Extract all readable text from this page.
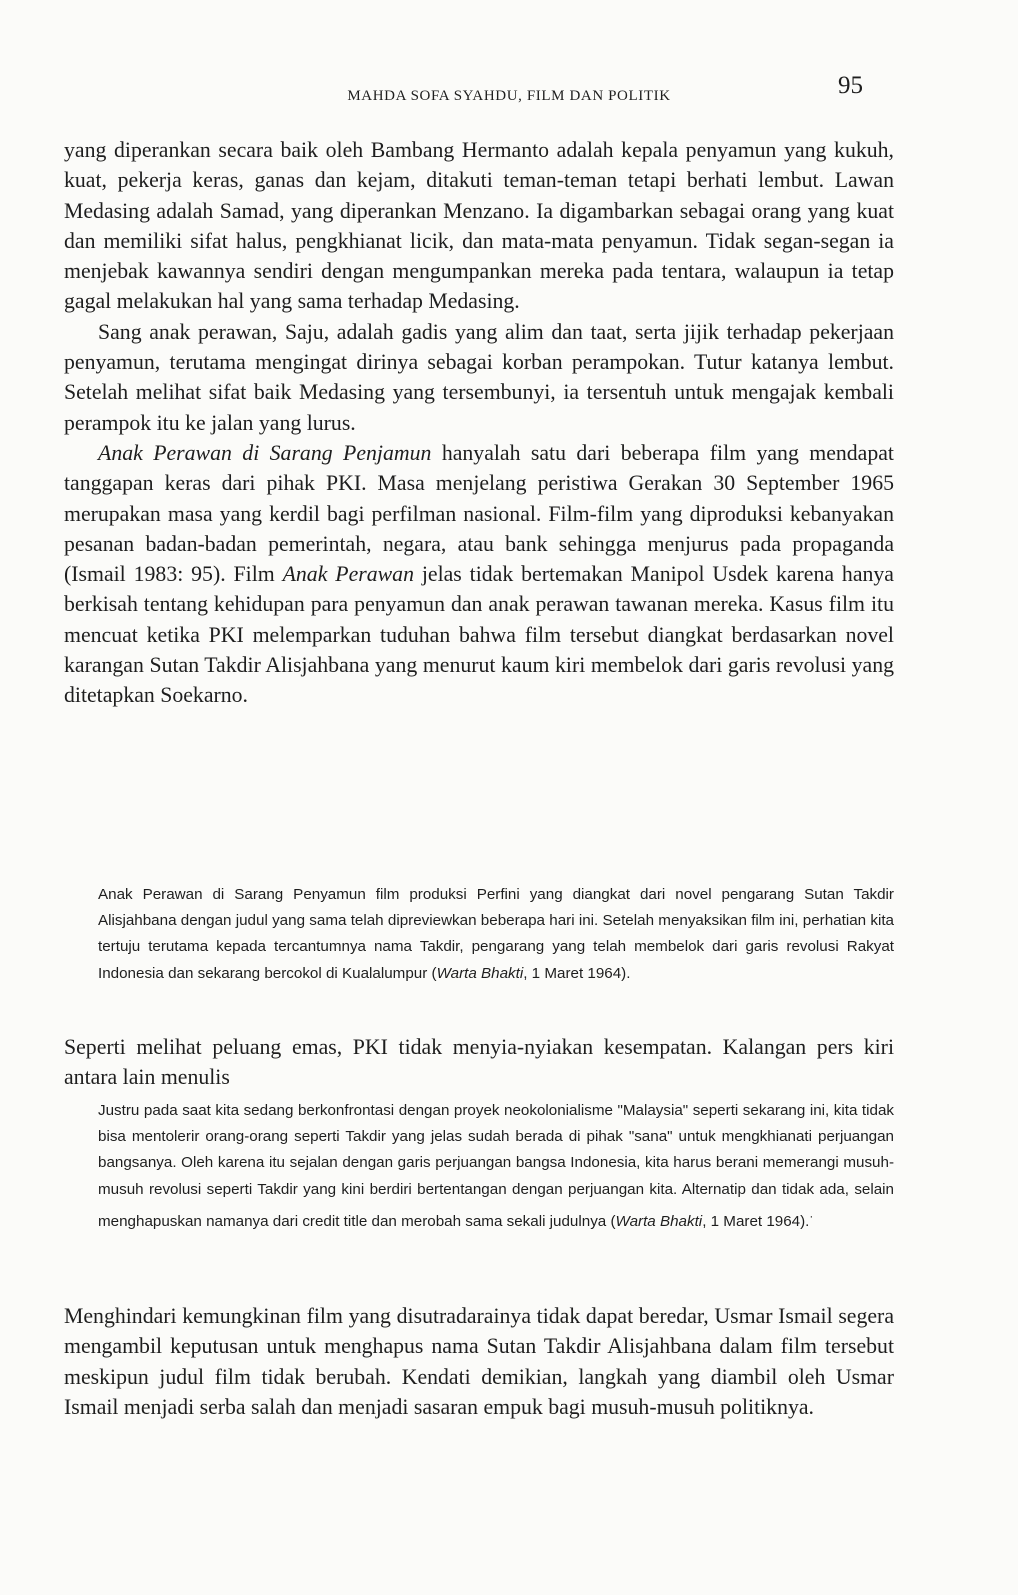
MAHDA SOFA SYAHDU, FILM DAN POLITIK	95

yang diperankan secara baik oleh Bambang Hermanto adalah kepala penyamun yang kukuh, kuat, pekerja keras, ganas dan kejam, ditakuti teman-teman tetapi berhati lembut. Lawan Medasing adalah Samad, yang diperankan Menzano. Ia digambarkan sebagai orang yang kuat dan memiliki sifat halus, pengkhianat licik, dan mata-mata penyamun. Tidak segan-segan ia menjebak kawannya sendiri dengan mengumpankan mereka pada tentara, walaupun ia tetap gagal melakukan hal yang sama terhadap Medasing.

Sang anak perawan, Saju, adalah gadis yang alim dan taat, serta jijik terhadap pekerjaan penyamun, terutama mengingat dirinya sebagai korban perampokan. Tutur katanya lembut. Setelah melihat sifat baik Medasing yang tersembunyi, ia tersentuh untuk mengajak kembali perampok itu ke jalan yang lurus.

Anak Perawan di Sarang Penjamun hanyalah satu dari beberapa film yang mendapat tanggapan keras dari pihak PKI. Masa menjelang peristiwa Gerakan 30 September 1965 merupakan masa yang kerdil bagi perfilman nasional. Film-film yang diproduksi kebanyakan pesanan badan-badan pemerintah, negara, atau bank sehingga menjurus pada propaganda (Ismail 1983: 95). Film Anak Perawan jelas tidak bertemakan Manipol Usdek karena hanya berkisah tentang kehidupan para penyamun dan anak perawan tawanan mereka. Kasus film itu mencuat ketika PKI melemparkan tuduhan bahwa film tersebut diangkat berdasarkan novel karangan Sutan Takdir Alisjahbana yang menurut kaum kiri membelok dari garis revolusi yang ditetapkan Soekarno.

Anak Perawan di Sarang Penyamun film produksi Perfini yang diangkat dari novel pengarang Sutan Takdir Alisjahbana dengan judul yang sama telah dipreviewkan beberapa hari ini. Setelah menyaksikan film ini, perhatian kita tertuju terutama kepada tercantumnya nama Takdir, pengarang yang telah membelok dari garis revolusi Rakyat Indonesia dan sekarang bercokol di Kualalumpur (Warta Bhakti, 1 Maret 1964).

Seperti melihat peluang emas, PKI tidak menyia-nyiakan kesempatan. Kalangan pers kiri antara lain menulis

Justru pada saat kita sedang berkonfrontasi dengan proyek neokolonialisme "Malaysia" seperti sekarang ini, kita tidak bisa mentolerir orang-orang seperti Takdir yang jelas sudah berada di pihak "sana" untuk mengkhianati perjuangan bangsanya. Oleh karena itu sejalan dengan garis perjuangan bangsa Indonesia, kita harus berani memerangi musuh-musuh revolusi seperti Takdir yang kini berdiri bertentangan dengan perjuangan kita. Alternatip dan tidak ada, selain menghapuskan namanya dari credit title dan merobah sama sekali judulnya (Warta Bhakti, 1 Maret 1964).·

Menghindari kemungkinan film yang disutradarainya tidak dapat beredar, Usmar Ismail segera mengambil keputusan untuk menghapus nama Sutan Takdir Alisjahbana dalam film tersebut meskipun judul film tidak berubah. Kendati demikian, langkah yang diambil oleh Usmar Ismail menjadi serba salah dan menjadi sasaran empuk bagi musuh-musuh politiknya.
